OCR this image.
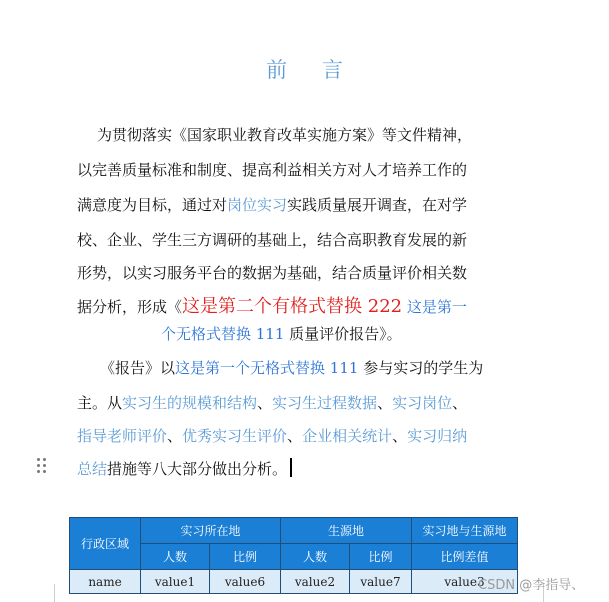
前 言
为贯彻落实《国家职业教育改革实施方案》等文件精神，
以完善质量标准和制度、提高利益相关方对人才培养工作的
满意度为目标，通过对岗位实习实践质量展开调查，在对学
校、企业、学生三方调研的基础上，结合高职教育发展的新
形势，以实习服务平台的数据为基础，结合质量评价相关数
据分析，形成《这是第二个有格式替换 222 这是第一
个无格式替换 111 质量评价报告》。
《报告》以这是第一个无格式替换 111 参与实习的学生为
主。从实习生的规模和结构、实习生过程数据、实习岗位、
指导老师评价、优秀实习生评价、企业相关统计、实习归纳
总结措施等八大部分做出分析。
行政区域	实习所在地		生源地		实习地与生源地
	人数	比例	人数	比例	比例差值
name	value1	value6	value2	value7	value3
CSDN @李指导、
